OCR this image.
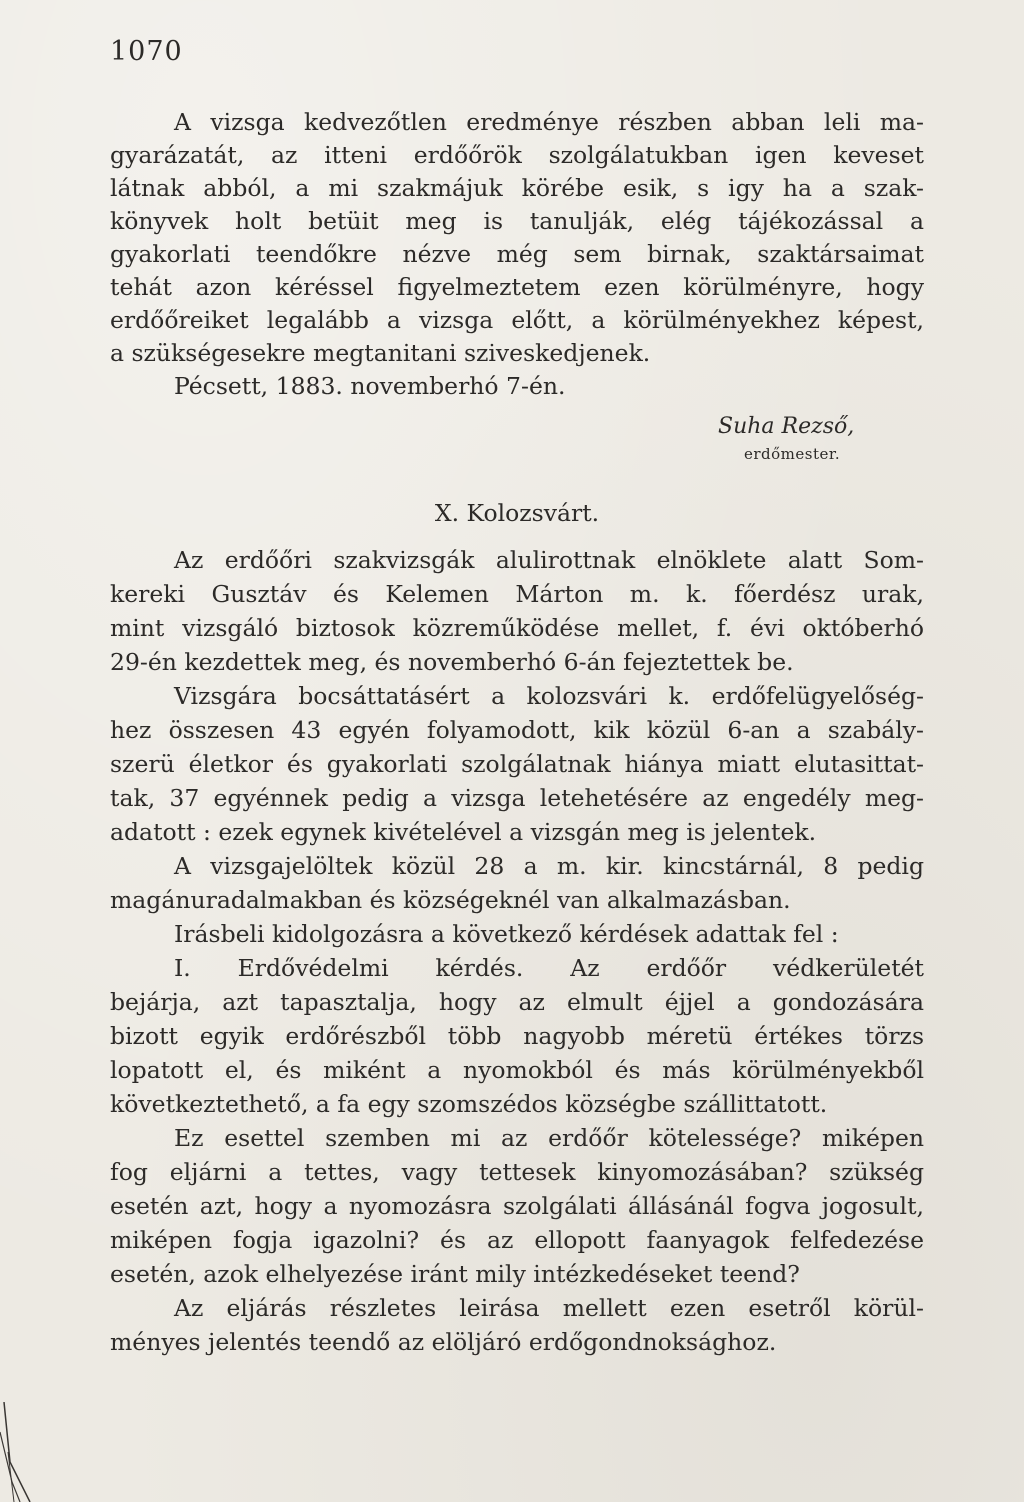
1070
A vizsga kedvezőtlen eredménye részben abban leli ma-
gyarázatát, az itteni erdőőrök szolgálatukban igen keveset
látnak abból, a mi szakmájuk körébe esik, s igy ha a szak-
könyvek holt betüit meg is tanulják, elég tájékozással a
gyakorlati teendőkre nézve még sem birnak, szaktársaimat
tehát azon kéréssel figyelmeztetem ezen körülményre, hogy
erdőőreiket legalább a vizsga előtt, a körülményekhez képest,
a szükségesekre megtanitani sziveskedjenek.
Pécsett, 1883. novemberhó 7-én.
X. Kolozsvárt.
Az erdőőri szakvizsgák alulirottnak elnöklete alatt Som-
kereki Gusztáv és Kelemen Márton m. k. főerdész urak,
mint vizsgáló biztosok közreműködése mellet, f. évi októberhó
29-én kezdettek meg, és novemberhó 6-án fejeztettek be.
Vizsgára bocsáttatásért a kolozsvári k. erdőfelügyelőség-
hez összesen 43 egyén folyamodott, kik közül 6-an a szabály-
szerü életkor és gyakorlati szolgálatnak hiánya miatt elutasittat-
tak, 37 egyénnek pedig a vizsga letehetésére az engedély meg-
adatott : ezek egynek kivételével a vizsgán meg is jelentek.
A vizsgajelöltek közül 28 a m. kir. kincstárnál, 8 pedig
magánuradalmakban és községeknél van alkalmazásban.
Irásbeli kidolgozásra a következő kérdések adattak fel :
I. Erdővédelmi kérdés. Az erdőőr védkerületét
bejárja, azt tapasztalja, hogy az elmult éjjel a gondozására
bizott egyik erdőrészből több nagyobb méretü értékes törzs
lopatott el, és miként a nyomokból és más körülményekből
következtethető, a fa egy szomszédos községbe szállittatott.
Ez esettel szemben mi az erdőőr kötelessége? miképen
fog eljárni a tettes, vagy tettesek kinyomozásában? szükség
esetén azt, hogy a nyomozásra szolgálati állásánál fogva jogosult,
miképen fogja igazolni? és az ellopott faanyagok felfedezése
esetén, azok elhelyezése iránt mily intézkedéseket teend?
Az eljárás részletes leirása mellett ezen esetről körül-
ményes jelentés teendő az elöljáró erdőgondnoksághoz.
Suha Rezső,
erdőmester.
